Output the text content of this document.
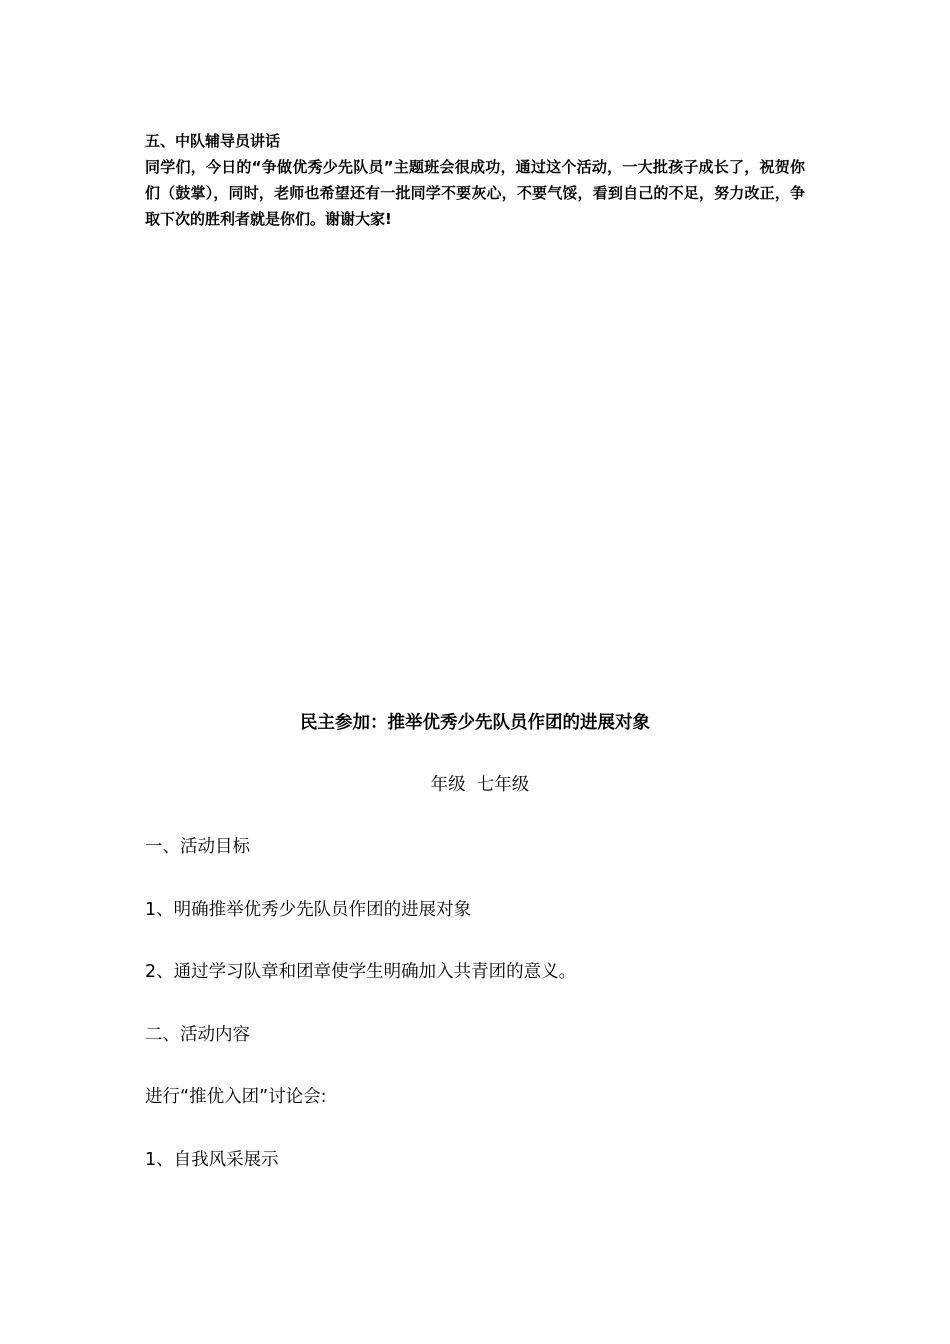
五、中队辅导员讲话

同学们，今日的“争做优秀少先队员”主题班会很成功，通过这个活动，一大批孩子成长了，祝贺你们（鼓掌），同时，老师也希望还有一批同学不要灰心，不要气馁，看到自己的不足，努力改正，争取下次的胜利者就是你们。谢谢大家!

民主参加：推举优秀少先队员作团的进展对象
年级  七年级
一、活动目标
1、明确推举优秀少先队员作团的进展对象
2、通过学习队章和团章使学生明确加入共青团的意义。
二、活动内容
进行“推优入团”讨论会:
1、自我风采展示
